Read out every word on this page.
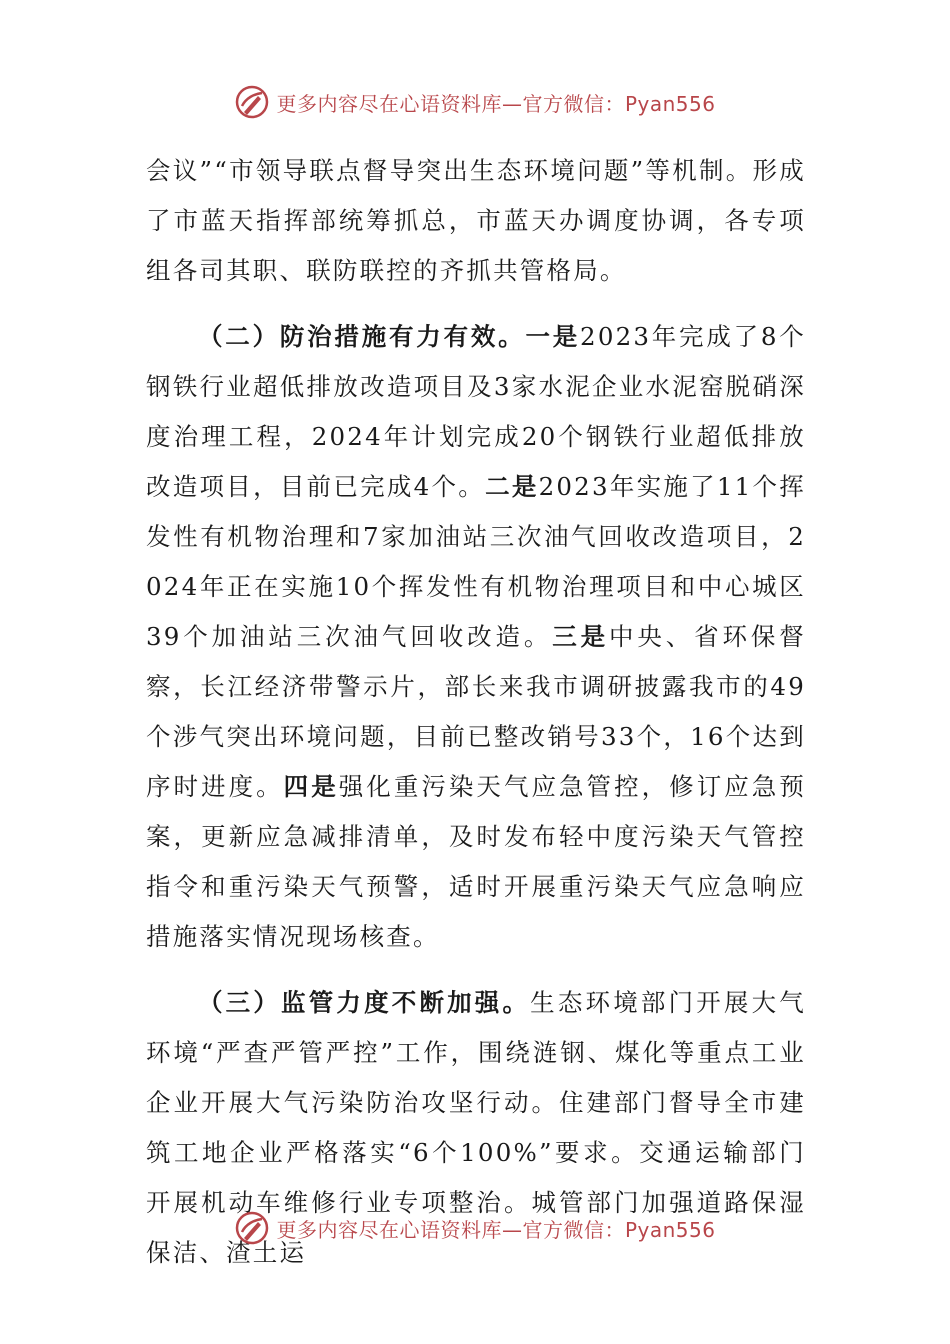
更多内容尽在心语资料库—官方微信：Pyan556

会议”“市领导联点督导突出生态环境问题”等机制。形成了市蓝天指挥部统筹抓总，市蓝天办调度协调，各专项组各司其职、联防联控的齐抓共管格局。

（二）防治措施有力有效。一是2023年完成了8个钢铁行业超低排放改造项目及3家水泥企业水泥窑脱硝深度治理工程，2024年计划完成20个钢铁行业超低排放改造项目，目前已完成4个。二是2023年实施了11个挥发性有机物治理和7家加油站三次油气回收改造项目，2024年正在实施10个挥发性有机物治理项目和中心城区39个加油站三次油气回收改造。三是中央、省环保督察，长江经济带警示片，部长来我市调研披露我市的49个涉气突出环境问题，目前已整改销号33个，16个达到序时进度。四是强化重污染天气应急管控，修订应急预案，更新应急减排清单，及时发布轻中度污染天气管控指令和重污染天气预警，适时开展重污染天气应急响应措施落实情况现场核查。

（三）监管力度不断加强。生态环境部门开展大气环境“严查严管严控”工作，围绕涟钢、煤化等重点工业企业开展大气污染防治攻坚行动。住建部门督导全市建筑工地企业严格落实“6个100%”要求。交通运输部门开展机动车维修行业专项整治。城管部门加强道路保湿保洁、渣土运

更多内容尽在心语资料库—官方微信：Pyan556
